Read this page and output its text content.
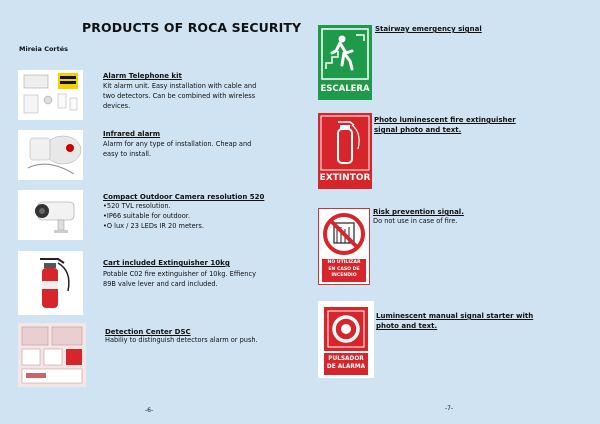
PRODUCTS OF ROCA SECURITY
Mireia Cortés
Alarm Telephone kit
Kit alarm unit. Easy installation with cable and
two detectors. Can be combined with wireless
devices.
Infrared alarm
Alarm for any type of installation. Cheap and
easy to install.
Compact Outdoor Camera resolution 520
•520 TVL resolution.
•IP66 suitable for outdoor.
•O lux / 23 LEDs IR 20 meters.
Cart included Extinguisher 10kg
Potable C02 fire extinguisher of 10kg. Effiency
89B valve lever and card included.
Detection Center DSC
Habiliy to distinguish detectors alarm or push.
-6-
ESCALERA
Stairway emergency signal
EXTINTOR
Photo luminescent fire extinguisher
signal photo and text.
NO UTILIZAR
EN CASO DE
INCENDIO
Risk prevention signal.
Do not use in case of fire.
PULSADOR
DE ALARMA
Luminescent manual signal starter with
photo and text.
-7-
